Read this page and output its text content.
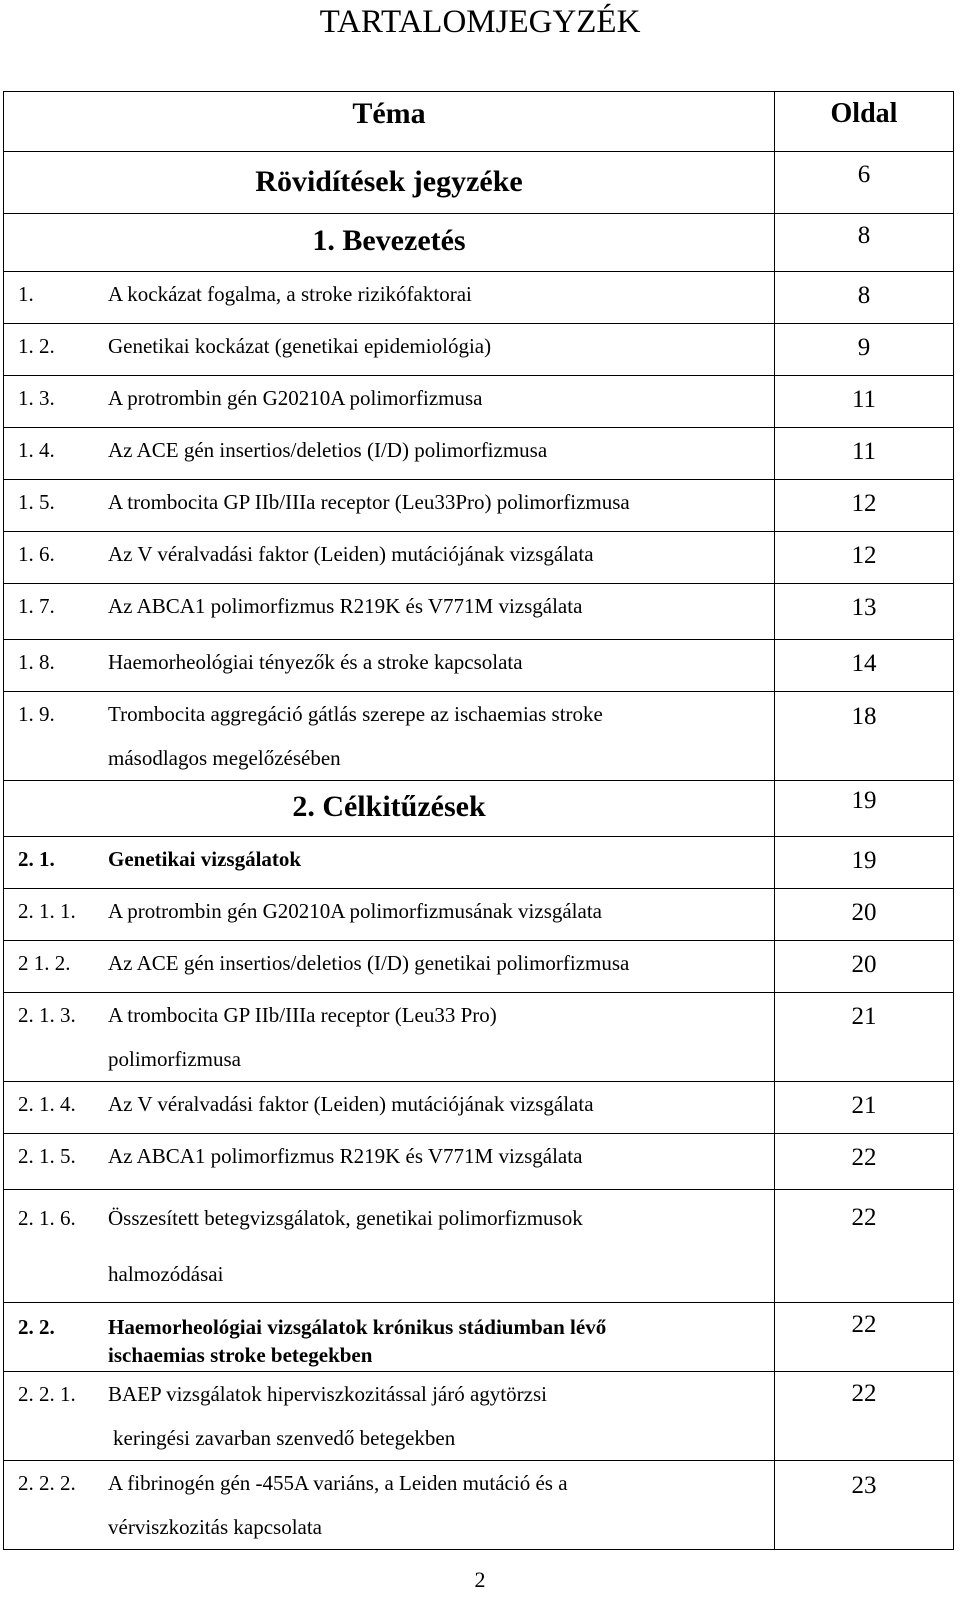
TARTALOMJEGYZÉK
Téma	Oldal
Rövidítések jegyzéke	6
1. Bevezetés	8

1. A kockázat fogalma, a stroke rizikófaktorai	8

1. 2. Genetikai kockázat (genetikai epidemiológia)	9

1. 3. A protrombin gén G20210A polimorfizmusa	11

1. 4. Az ACE gén insertios/deletios (I/D) polimorfizmusa	11

1. 5. A trombocita GP IIb/IIIa receptor (Leu33Pro) polimorfizmusa	12

1. 6. Az V véralvadási faktor (Leiden) mutációjának vizsgálata	12

1. 7. Az ABCA1 polimorfizmus R219K és V771M vizsgálata	13

1. 8. Haemorheológiai tényezők és a stroke kapcsolata	14

1. 9. Trombocita aggregáció gátlás szerepe az ischaemias stroke
másodlagos megelőzésében	18
2. Célkitűzések	19

2. 1. Genetikai vizsgálatok	19

2. 1. 1. A protrombin gén G20210A polimorfizmusának vizsgálata	20

2 1. 2. Az ACE gén insertios/deletios (I/D) genetikai polimorfizmusa	20

2. 1. 3. A trombocita GP IIb/IIIa receptor (Leu33 Pro)
polimorfizmusa	21

2. 1. 4. Az V véralvadási faktor (Leiden) mutációjának vizsgálata	21

2. 1. 5. Az ABCA1 polimorfizmus R219K és V771M vizsgálata	22

2. 1. 6. Összesített betegvizsgálatok, genetikai polimorfizmusok
halmozódásai	22

2. 2. Haemorheológiai vizsgálatok krónikus stádiumban lévő
ischaemias stroke betegekben	22

2. 2. 1. BAEP vizsgálatok hiperviszkozitással járó agytörzsi
keringési zavarban szenvedő betegekben	22

2. 2. 2. A fibrinogén gén -455A variáns, a Leiden mutáció és a
vérviszkozitás kapcsolata	23
2
